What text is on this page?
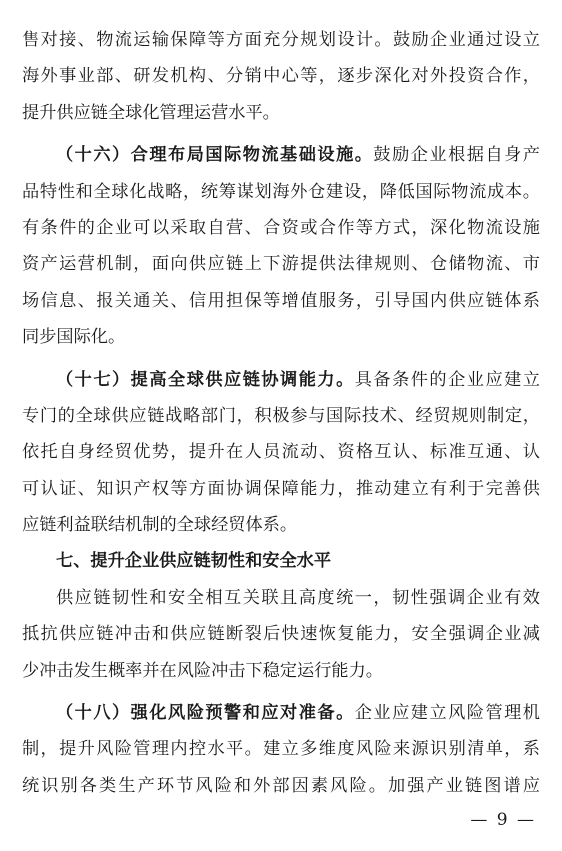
售对接、物流运输保障等方面充分规划设计。鼓励企业通过设立
海外事业部、研发机构、分销中心等，逐步深化对外投资合作，
提升供应链全球化管理运营水平。
（十六）合理布局国际物流基础设施。鼓励企业根据自身产
品特性和全球化战略，统筹谋划海外仓建设，降低国际物流成本。
有条件的企业可以采取自营、合资或合作等方式，深化物流设施
资产运营机制，面向供应链上下游提供法律规则、仓储物流、市
场信息、报关通关、信用担保等增值服务，引导国内供应链体系
同步国际化。
（十七）提高全球供应链协调能力。具备条件的企业应建立
专门的全球供应链战略部门，积极参与国际技术、经贸规则制定，
依托自身经贸优势，提升在人员流动、资格互认、标准互通、认
可认证、知识产权等方面协调保障能力，推动建立有利于完善供
应链利益联结机制的全球经贸体系。
七、提升企业供应链韧性和安全水平
供应链韧性和安全相互关联且高度统一，韧性强调企业有效
抵抗供应链冲击和供应链断裂后快速恢复能力，安全强调企业减
少冲击发生概率并在风险冲击下稳定运行能力。
（十八）强化风险预警和应对准备。企业应建立风险管理机
制，提升风险管理内控水平。建立多维度风险来源识别清单，系
统识别各类生产环节风险和外部因素风险。加强产业链图谱应
— 9 —
